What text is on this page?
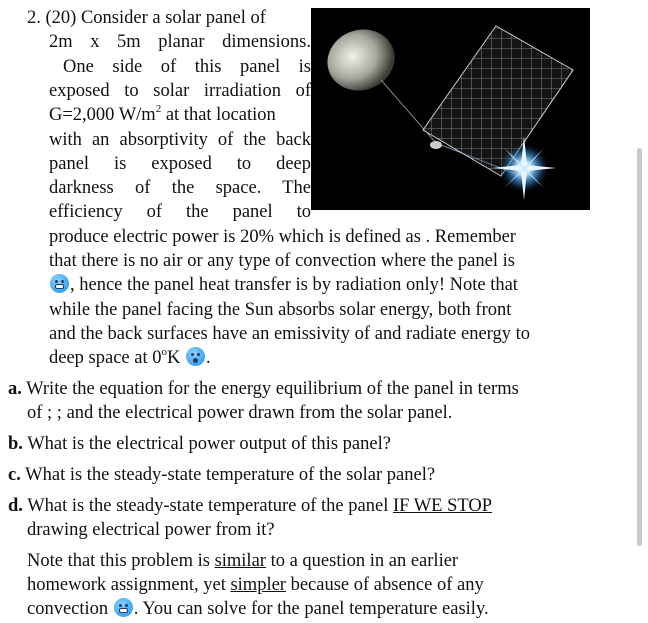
2. (20) Consider a solar panel of
2m x 5m planar dimensions.
One side of this panel is
exposed to solar irradiation of
G=2,000 $W/m^2$ at that location
with an absorptivity of the back
panel is exposed to deep
darkness of the space. The
efficiency of the panel to
produce electric power is 20% which is defined as . Remember
that there is no air or any type of convection where the panel is
, hence the panel heat transfer is by radiation only! Note that
while the panel facing the Sun absorbs solar energy, both front
and the back surfaces have an emissivity of and radiate energy to
deep space at 0$^o$K .
a. Write the equation for the energy equilibrium of the panel in terms
of ; ; and the electrical power drawn from the solar panel.
b. What is the electrical power output of this panel?
c. What is the steady-state temperature of the solar panel?
d. What is the steady-state temperature of the panel IF WE STOP
drawing electrical power from it?
Note that this problem is similar to a question in an earlier
homework assignment, yet simpler because of absence of any
convection . You can solve for the panel temperature easily.
